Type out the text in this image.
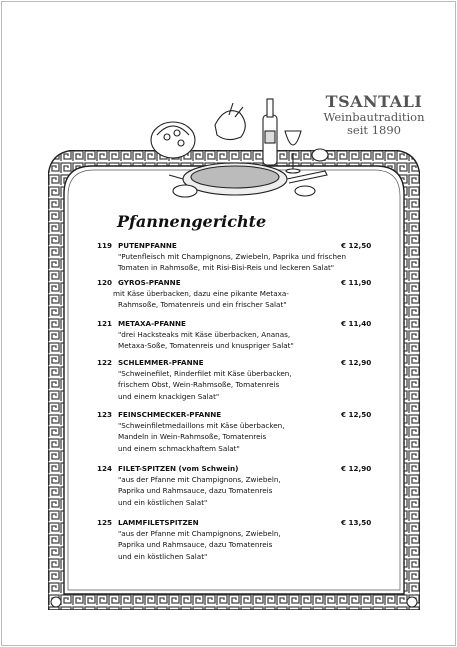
TSANTALI
Weinbautradition
seit 1890
Pfannengerichte
119 PUTENPFANNE	€ 12,50
"Putenfleisch mit Champignons, Zwiebeln, Paprika und frischen
Tomaten in Rahmsoße, mit Risi-Bisi-Reis und leckeren Salat"
120 GYROS-PFANNE	€ 11,90
mit Käse überbacken, dazu eine pikante Metaxa-
Rahmsoße, Tomatenreis und ein frischer Salat"
121 METAXA-PFANNE	€ 11,40
"drei Hacksteaks mit Käse überbacken, Ananas,
Metaxa-Soße, Tomatenreis und knuspriger Salat"
122 SCHLEMMER-PFANNE	€ 12,90
"Schweinefilet, Rinderfilet mit Käse überbacken,
frischem Obst, Wein-Rahmsoße, Tomatenreis
und einem knackigen Salat"
123 FEINSCHMECKER-PFANNE	€ 12,50
"Schweinfiletmedaillons mit Käse überbacken,
Mandeln in Wein-Rahmsoße, Tomatenreis
und einem schmackhaftem Salat"
124 FILET-SPITZEN (vom Schwein)	€ 12,90
"aus der Pfanne mit Champignons, Zwiebeln,
Paprika und Rahmsauce, dazu Tomatenreis
und ein köstlichen Salat"
125 LAMMFILETSPITZEN	€ 13,50
"aus der Pfanne mit Champignons, Zwiebeln,
Paprika und Rahmsauce, dazu Tomatenreis
und ein köstlichen Salat"
